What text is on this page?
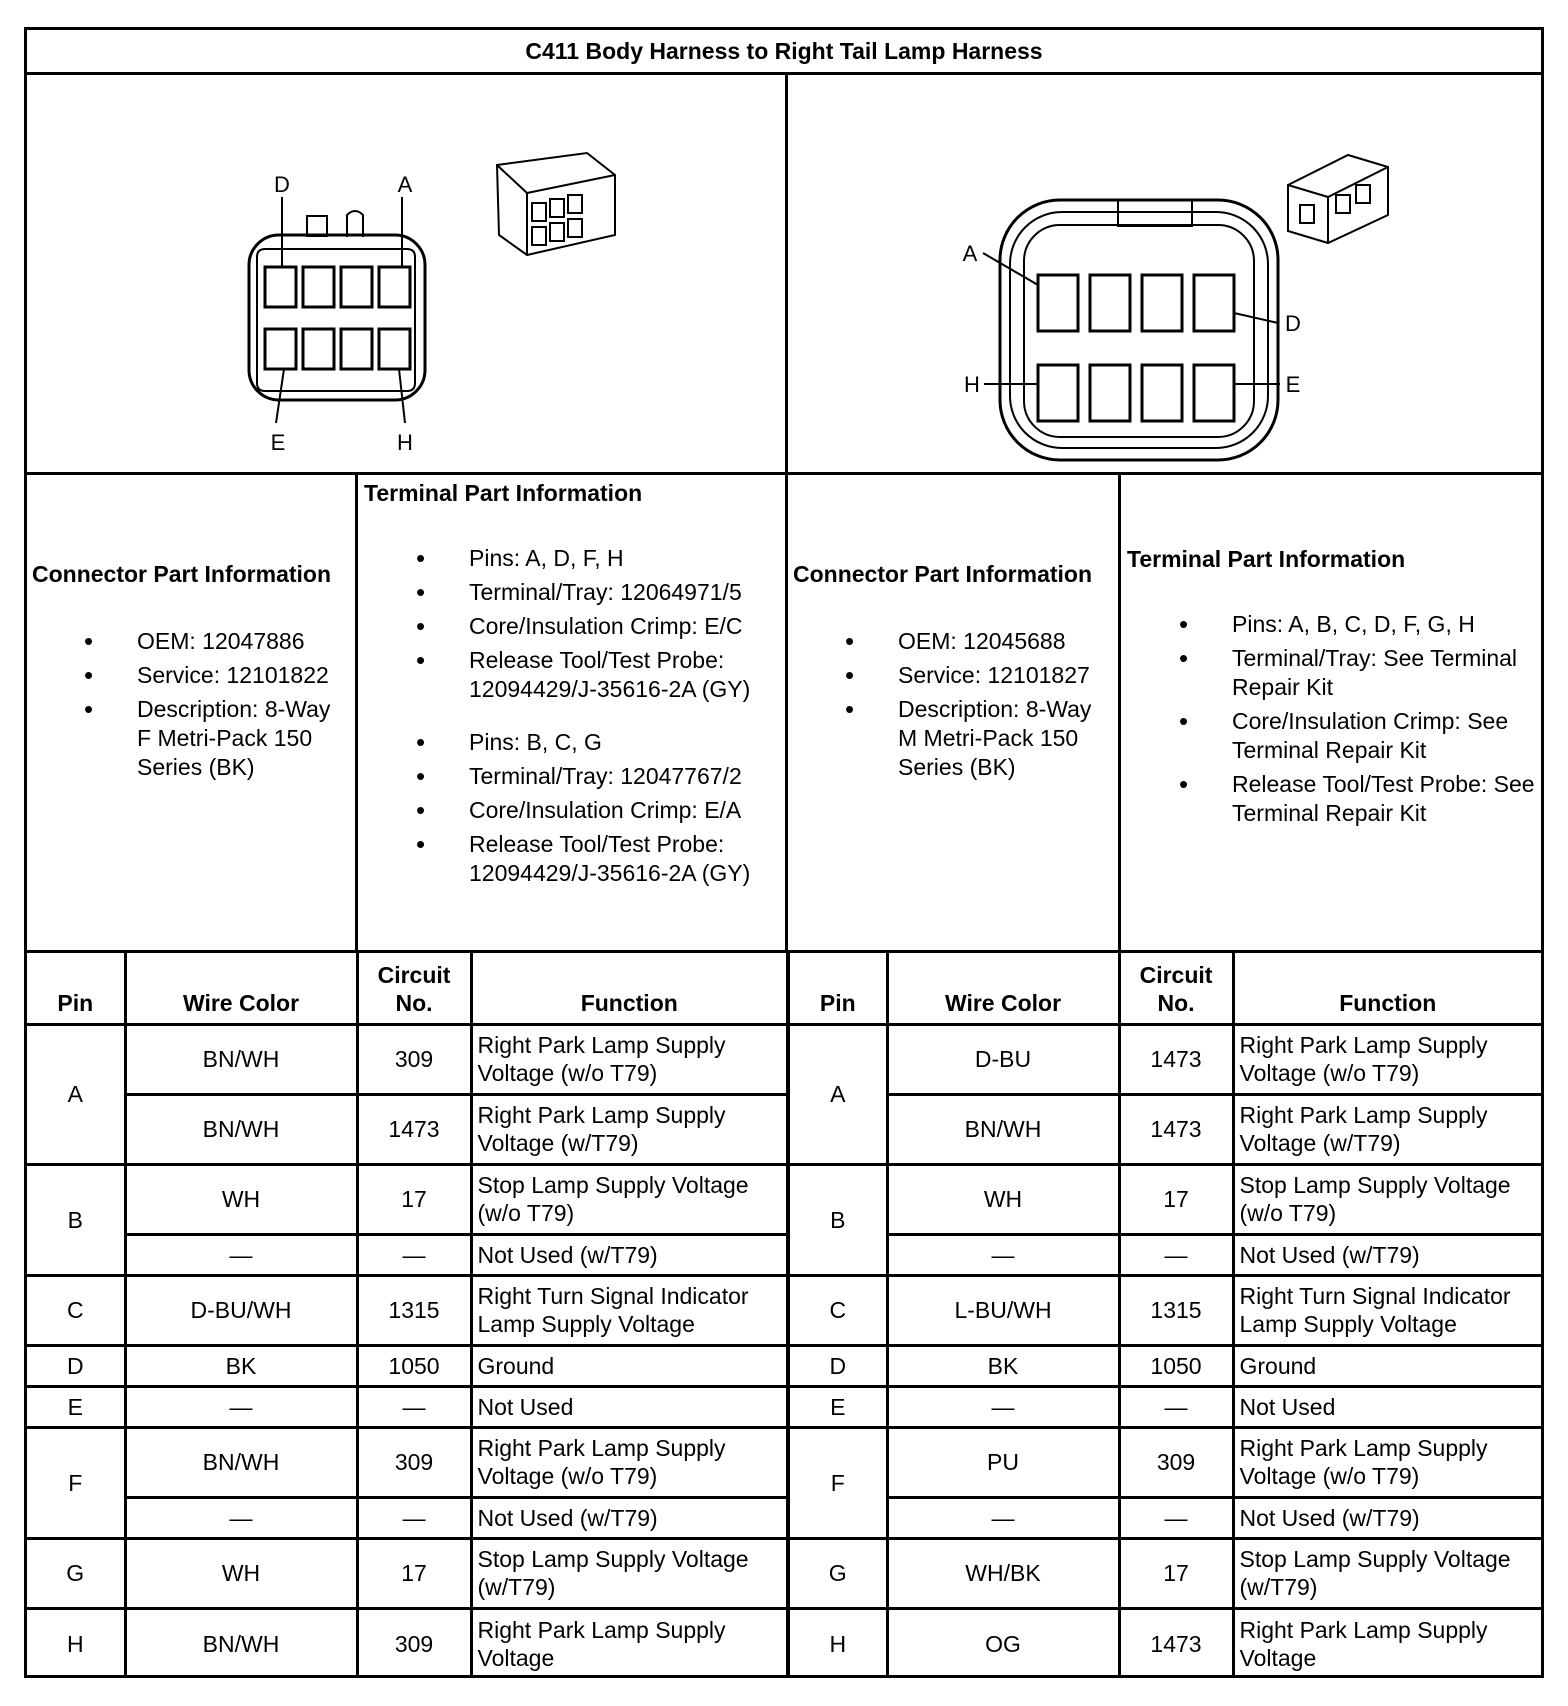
C411 Body Harness to Right Tail Lamp Harness
D	A
E	H
A
D
H	E
Connector Part Information
• OEM: 12047886
• Service: 12101822
• Description: 8-Way F Metri-Pack 150 Series (BK)
Terminal Part Information
• Pins: A, D, F, H
• Terminal/Tray: 12064971/5
• Core/Insulation Crimp: E/C
• Release Tool/Test Probe: 12094429/J-35616-2A (GY)
• Pins: B, C, G
• Terminal/Tray: 12047767/2
• Core/Insulation Crimp: E/A
• Release Tool/Test Probe: 12094429/J-35616-2A (GY)
Connector Part Information
• OEM: 12045688
• Service: 12101827
• Description: 8-Way M Metri-Pack 150 Series (BK)
Terminal Part Information
• Pins: A, B, C, D, F, G, H
• Terminal/Tray: See Terminal Repair Kit
• Core/Insulation Crimp: See Terminal Repair Kit
• Release Tool/Test Probe: See Terminal Repair Kit
Pin	Wire Color	Circuit No.	Function	Pin	Wire Color	Circuit No.	Function
A	BN/WH	309	Right Park Lamp Supply Voltage (w/o T79)	A	D-BU	1473	Right Park Lamp Supply Voltage (w/o T79)
	BN/WH	1473	Right Park Lamp Supply Voltage (w/T79)		BN/WH	1473	Right Park Lamp Supply Voltage (w/T79)
B	WH	17	Stop Lamp Supply Voltage (w/o T79)	B	WH	17	Stop Lamp Supply Voltage (w/o T79)
	—	—	Not Used (w/T79)		—	—	Not Used (w/T79)
C	D-BU/WH	1315	Right Turn Signal Indicator Lamp Supply Voltage	C	L-BU/WH	1315	Right Turn Signal Indicator Lamp Supply Voltage
D	BK	1050	Ground	D	BK	1050	Ground
E	—	—	Not Used	E	—	—	Not Used
F	BN/WH	309	Right Park Lamp Supply Voltage (w/o T79)	F	PU	309	Right Park Lamp Supply Voltage (w/o T79)
	—	—	Not Used (w/T79)		—	—	Not Used (w/T79)
G	WH	17	Stop Lamp Supply Voltage (w/T79)	G	WH/BK	17	Stop Lamp Supply Voltage (w/T79)
H	BN/WH	309	Right Park Lamp Supply Voltage	H	OG	1473	Right Park Lamp Supply Voltage
